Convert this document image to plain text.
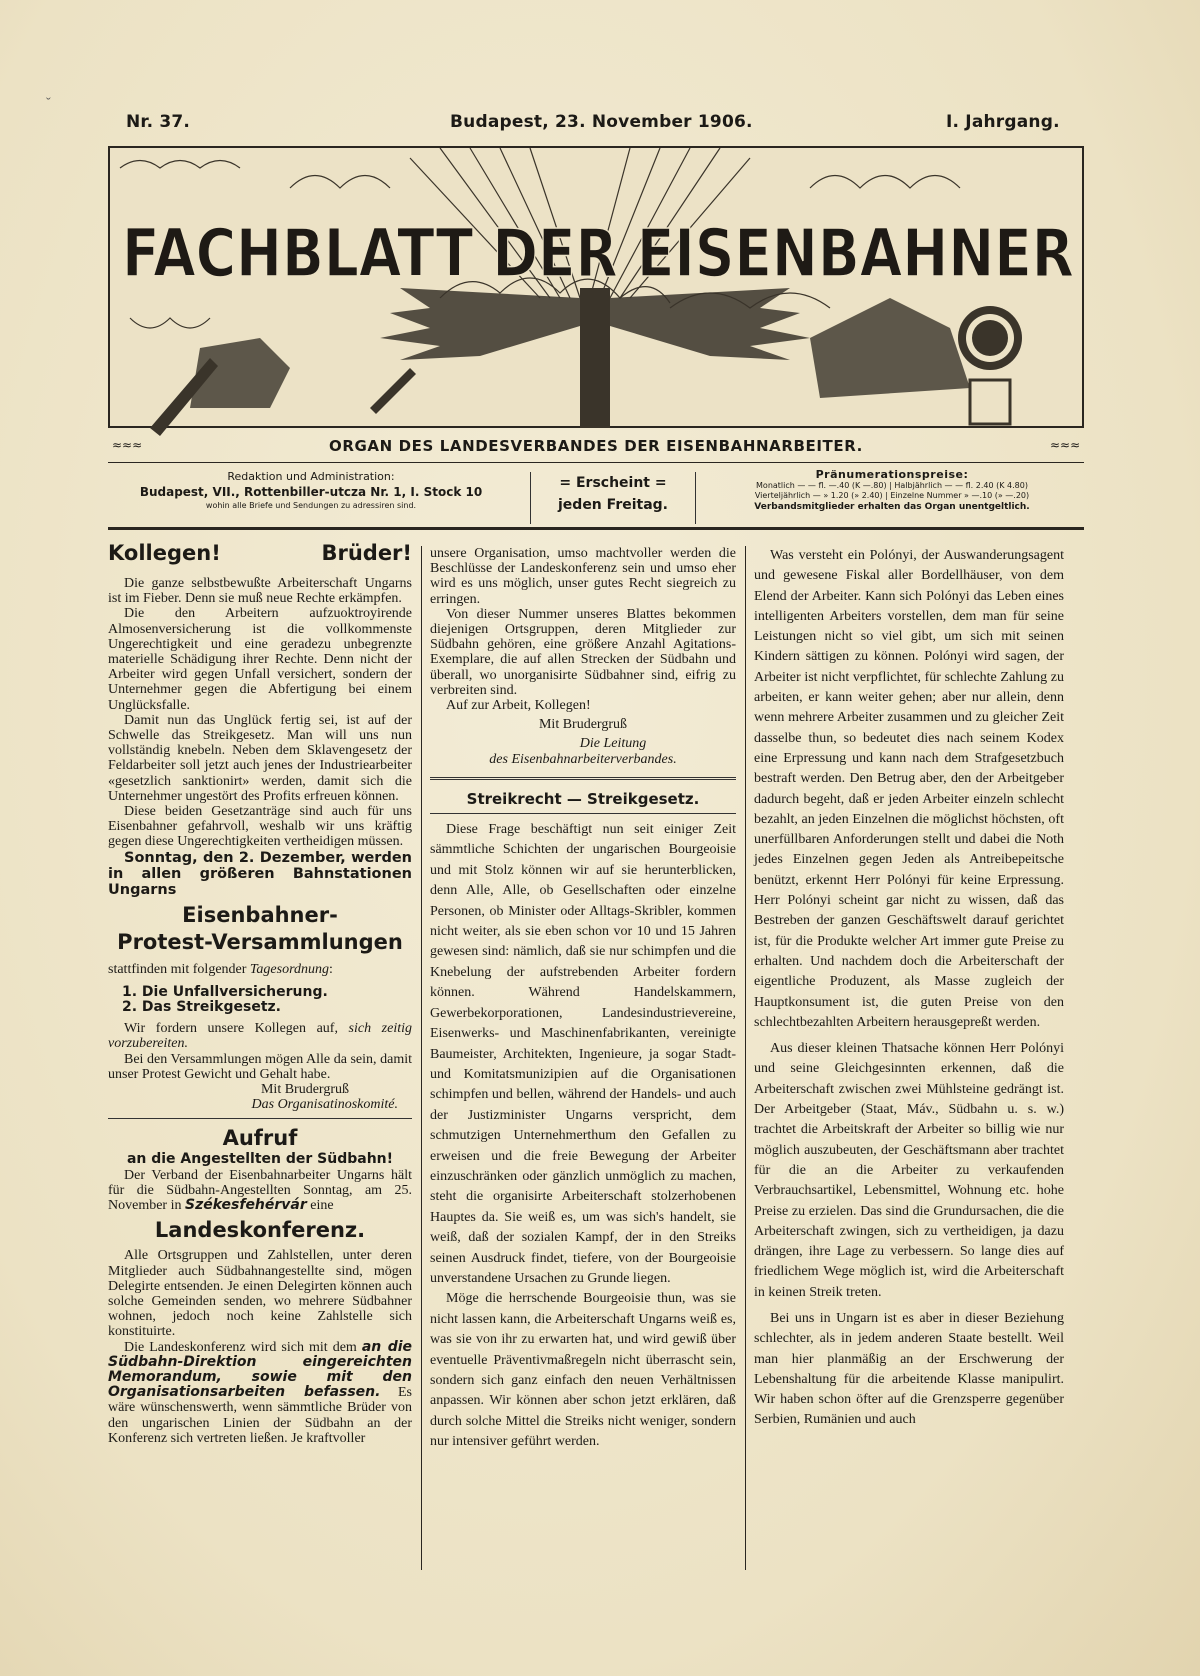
ˇ
Nr. 37.	Budapest, 23. November 1906.	I. Jahrgang.
FACHBLATT DER EISENBAHNER
≈≈≈	ORGAN DES LANDESVERBANDES DER EISENBAHNARBEITER.	≈≈≈
Redaktion und Administration:
Budapest, VII., Rottenbiller-utcza Nr. 1, I. Stock 10
wohin alle Briefe und Sendungen zu adressiren sind.
= Erscheint =
jeden Freitag.
Pränumerationspreise:
Monatlich — — fl. —.40 (K —.80) | Halbjährlich — — fl. 2.40 (K 4.80)
Vierteljährlich — » 1.20 (» 2.40) | Einzelne Nummer » —.10 (» —.20)
Verbandsmitglieder erhalten das Organ unentgeltlich.
Kollegen!	Brüder!

Die ganze selbstbewußte Arbeiterschaft Ungarns ist im Fieber. Denn sie muß neue Rechte erkämpfen.

Die den Arbeitern aufzuoktroyirende Almosenversicherung ist die vollkommenste Ungerechtigkeit und eine geradezu unbegrenzte materielle Schädigung ihrer Rechte. Denn nicht der Arbeiter wird gegen Unfall versichert, sondern der Unternehmer gegen die Abfertigung bei einem Unglücksfalle.

Damit nun das Unglück fertig sei, ist auf der Schwelle das Streikgesetz. Man will uns nun vollständig knebeln. Neben dem Sklavengesetz der Feldarbeiter soll jetzt auch jenes der Industriearbeiter «gesetzlich sanktionirt» werden, damit sich die Unternehmer ungestört des Profits erfreuen können.

Diese beiden Gesetzanträge sind auch für uns Eisenbahner gefahrvoll, weshalb wir uns kräftig gegen diese Ungerechtigkeiten vertheidigen müssen.

Sonntag, den 2. Dezember, werden in allen größeren Bahnstationen Ungarns

Eisenbahner-
Protest-Versammlungen

stattfinden mit folgender Tagesordnung:

1. Die Unfallversicherung.
2. Das Streikgesetz.

Wir fordern unsere Kollegen auf, sich zeitig vorzubereiten.

Bei den Versammlungen mögen Alle da sein, damit unser Protest Gewicht und Gehalt habe.

Mit Brudergruß
Das Organisatinoskomité.
Aufruf
an die Angestellten der Südbahn!

Der Verband der Eisenbahnarbeiter Ungarns hält für die Südbahn-Angestellten Sonntag, am 25. November in Székesfehérvár eine

Landeskonferenz.

Alle Ortsgruppen und Zahlstellen, unter deren Mitglieder auch Südbahnangestellte sind, mögen Delegirte entsenden. Je einen Delegirten können auch solche Gemeinden senden, wo mehrere Südbahner wohnen, jedoch noch keine Zahlstelle sich konstituirte.

Die Landeskonferenz wird sich mit dem an die Südbahn-Direktion eingereichten Memorandum, sowie mit den Organisationsarbeiten befassen. Es wäre wünschenswerth, wenn sämmtliche Brüder von den ungarischen Linien der Südbahn an der Konferenz sich vertreten ließen. Je kraftvoller

unsere Organisation, umso machtvoller werden die Beschlüsse der Landeskonferenz sein und umso eher wird es uns möglich, unser gutes Recht siegreich zu erringen.

Von dieser Nummer unseres Blattes bekommen diejenigen Ortsgruppen, deren Mitglieder zur Südbahn gehören, eine größere Anzahl Agitations-Exemplare, die auf allen Strecken der Südbahn und überall, wo unorganisirte Südbahner sind, eifrig zu verbreiten sind.

Auf zur Arbeit, Kollegen!

Mit Brudergruß
Die Leitung
des Eisenbahnarbeiterverbandes.
Streikrecht — Streikgesetz.

Diese Frage beschäftigt nun seit einiger Zeit sämmtliche Schichten der ungarischen Bourgeoisie und mit Stolz können wir auf sie herunterblicken, denn Alle, Alle, ob Gesellschaften oder einzelne Personen, ob Minister oder Alltags-Skribler, kommen nicht weiter, als sie eben schon vor 10 und 15 Jahren gewesen sind: nämlich, daß sie nur schimpfen und die Knebelung der aufstrebenden Arbeiter fordern können. Während Handelskammern, Gewerbekorporationen, Landesindustrievereine, Eisenwerks- und Maschinenfabrikanten, vereinigte Baumeister, Architekten, Ingenieure, ja sogar Stadt- und Komitatsmunizipien auf die Organisationen schimpfen und bellen, während der Handels- und auch der Justizminister Ungarns verspricht, dem schmutzigen Unternehmerthum den Gefallen zu erweisen und die freie Bewegung der Arbeiter einzuschränken oder gänzlich unmöglich zu machen, steht die organisirte Arbeiterschaft stolzerhobenen Hauptes da. Sie weiß es, um was sich's handelt, sie weiß, daß der sozialen Kampf, der in den Streiks seinen Ausdruck findet, tiefere, von der Bourgeoisie unverstandene Ursachen zu Grunde liegen.

Möge die herrschende Bourgeoisie thun, was sie nicht lassen kann, die Arbeiterschaft Ungarns weiß es, was sie von ihr zu erwarten hat, und wird gewiß über eventuelle Präventivmaßregeln nicht überrascht sein, sondern sich ganz einfach den neuen Verhältnissen anpassen. Wir können aber schon jetzt erklären, daß durch solche Mittel die Streiks nicht weniger, sondern nur intensiver geführt werden.

Was versteht ein Polónyi, der Auswanderungsagent und gewesene Fiskal aller Bordellhäuser, von dem Elend der Arbeiter. Kann sich Polónyi das Leben eines intelligenten Arbeiters vorstellen, dem man für seine Leistungen nicht so viel gibt, um sich mit seinen Kindern sättigen zu können. Polónyi wird sagen, der Arbeiter ist nicht verpflichtet, für schlechte Zahlung zu arbeiten, er kann weiter gehen; aber nur allein, denn wenn mehrere Arbeiter zusammen und zu gleicher Zeit dasselbe thun, so bedeutet dies nach seinem Kodex eine Erpressung und kann nach dem Strafgesetzbuch bestraft werden. Den Betrug aber, den der Arbeitgeber dadurch begeht, daß er jeden Arbeiter einzeln schlecht bezahlt, an jeden Einzelnen die möglichst höchsten, oft unerfüllbaren Anforderungen stellt und dabei die Noth jedes Einzelnen gegen Jeden als Antreibepeitsche benützt, erkennt Herr Polónyi für keine Erpressung. Herr Polónyi scheint gar nicht zu wissen, daß das Bestreben der ganzen Geschäftswelt darauf gerichtet ist, für die Produkte welcher Art immer gute Preise zu erhalten. Und nachdem doch die Arbeiterschaft der eigentliche Produzent, als Masse zugleich der Hauptkonsument ist, die guten Preise von den schlechtbezahlten Arbeitern herausgepreßt werden.

Aus dieser kleinen Thatsache können Herr Polónyi und seine Gleichgesinnten erkennen, daß die Arbeiterschaft zwischen zwei Mühlsteine gedrängt ist. Der Arbeitgeber (Staat, Máv., Südbahn u. s. w.) trachtet die Arbeitskraft der Arbeiter so billig wie nur möglich auszubeuten, der Geschäftsmann aber trachtet für die an die Arbeiter zu verkaufenden Verbrauchsartikel, Lebensmittel, Wohnung etc. hohe Preise zu erzielen. Das sind die Grundursachen, die die Arbeiterschaft zwingen, sich zu vertheidigen, ja dazu drängen, ihre Lage zu verbessern. So lange dies auf friedlichem Wege möglich ist, wird die Arbeiterschaft in keinen Streik treten.

Bei uns in Ungarn ist es aber in dieser Beziehung schlechter, als in jedem anderen Staate bestellt. Weil man hier planmäßig an der Erschwerung der Lebenshaltung für die arbeitende Klasse manipulirt. Wir haben schon öfter auf die Grenzsperre gegenüber Serbien, Rumänien und auch
